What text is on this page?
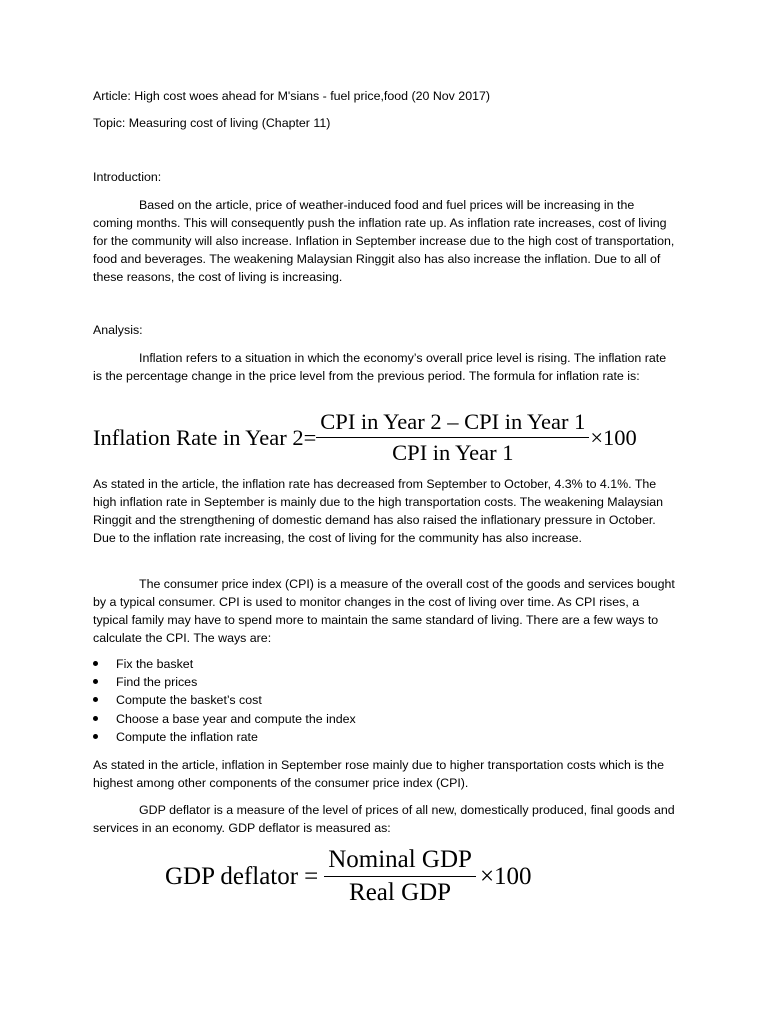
Article: High cost woes ahead for M'sians - fuel price,food (20 Nov 2017)
Topic: Measuring cost of living (Chapter 11)
Introduction:

Based on the article, price of weather-induced food and fuel prices will be increasing in the coming months. This will consequently push the inflation rate up. As inflation rate increases, cost of living for the community will also increase. Inflation in September increase due to the high cost of transportation, food and beverages. The weakening Malaysian Ringgit also has also increase the inflation. Due to all of these reasons, the cost of living is increasing.

Analysis:

Inflation refers to a situation in which the economy’s overall price level is rising. The inflation rate is the percentage change in the price level from the previous period. The formula for inflation rate is:

Inflation Rate in Year $2 = \frac{\text{CPI in Year 2 – CPI in Year 1}}{\text{CPI in Year 1}} \times 100$

As stated in the article, the inflation rate has decreased from September to October, 4.3% to 4.1%. The high inflation rate in September is mainly due to the high transportation costs. The weakening Malaysian Ringgit and the strengthening of domestic demand has also raised the inflationary pressure in October. Due to the inflation rate increasing, the cost of living for the community has also increase.

The consumer price index (CPI) is a measure of the overall cost of the goods and services bought by a typical consumer. CPI is used to monitor changes in the cost of living over time. As CPI rises, a typical family may have to spend more to maintain the same standard of living. There are a few ways to calculate the CPI. The ways are:

Fix the basket
Find the prices
Compute the basket’s cost
Choose a base year and compute the index
Compute the inflation rate

As stated in the article, inflation in September rose mainly due to higher transportation costs which is the highest among other components of the consumer price index (CPI).

GDP deflator is a measure of the level of prices of all new, domestically produced, final goods and services in an economy. GDP deflator is measured as:

GDP deflator = $\frac{\text{Nominal GDP}}{\text{Real GDP}} \times 100$
